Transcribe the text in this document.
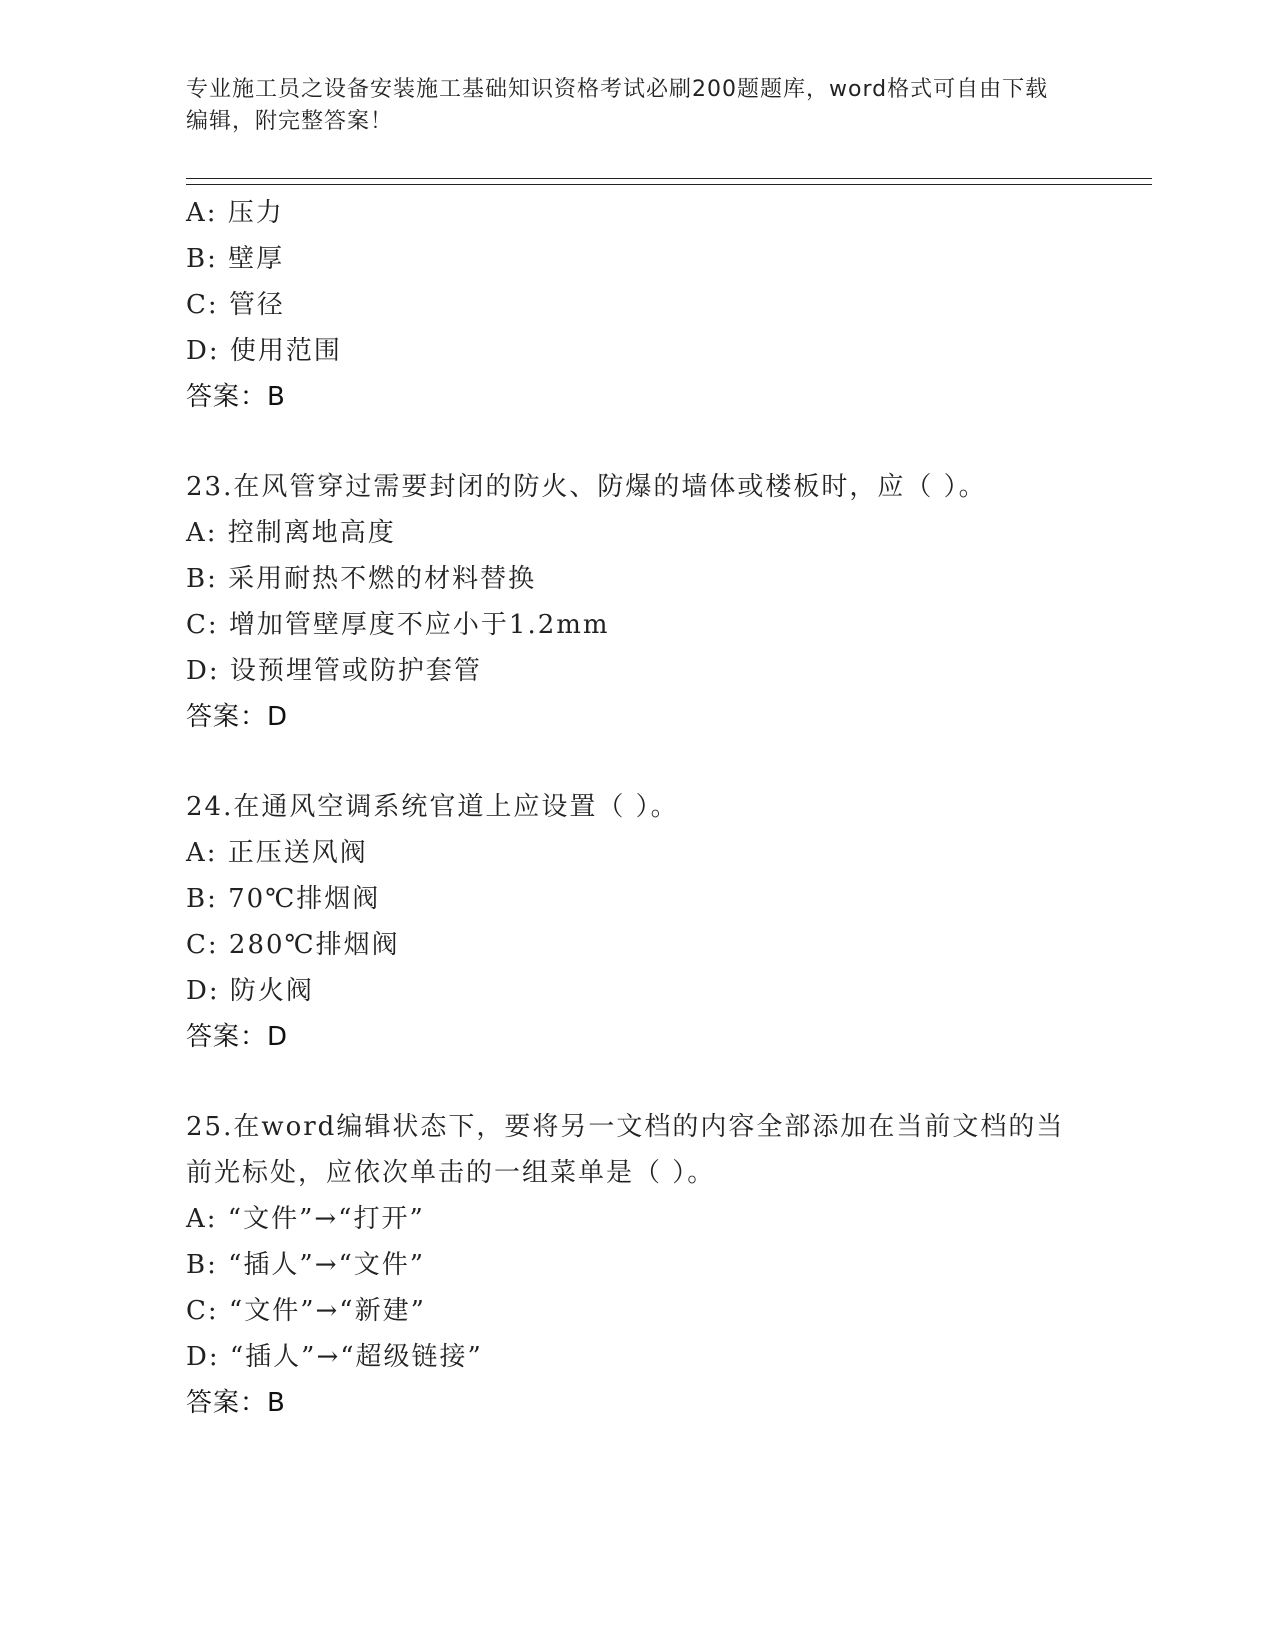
专业施工员之设备安装施工基础知识资格考试必刷200题题库，word格式可自由下载编辑，附完整答案！
A: 压力
B: 壁厚
C: 管径
D: 使用范围
答案：B
23.在风管穿过需要封闭的防火、防爆的墙体或楼板时，应（ ）。
A: 控制离地高度
B: 采用耐热不燃的材料替换
C: 增加管壁厚度不应小于1.2mm
D: 设预埋管或防护套管
答案：D
24.在通风空调系统官道上应设置（ ）。
A: 正压送风阀
B: 70℃排烟阀
C: 280℃排烟阀
D: 防火阀
答案：D
25.在word编辑状态下，要将另一文档的内容全部添加在当前文档的当前光标处，应依次单击的一组菜单是（ ）。
A: “文件”→“打开”
B: “插人”→“文件”
C: “文件”→“新建”
D: “插人”→“超级链接”
答案：B
